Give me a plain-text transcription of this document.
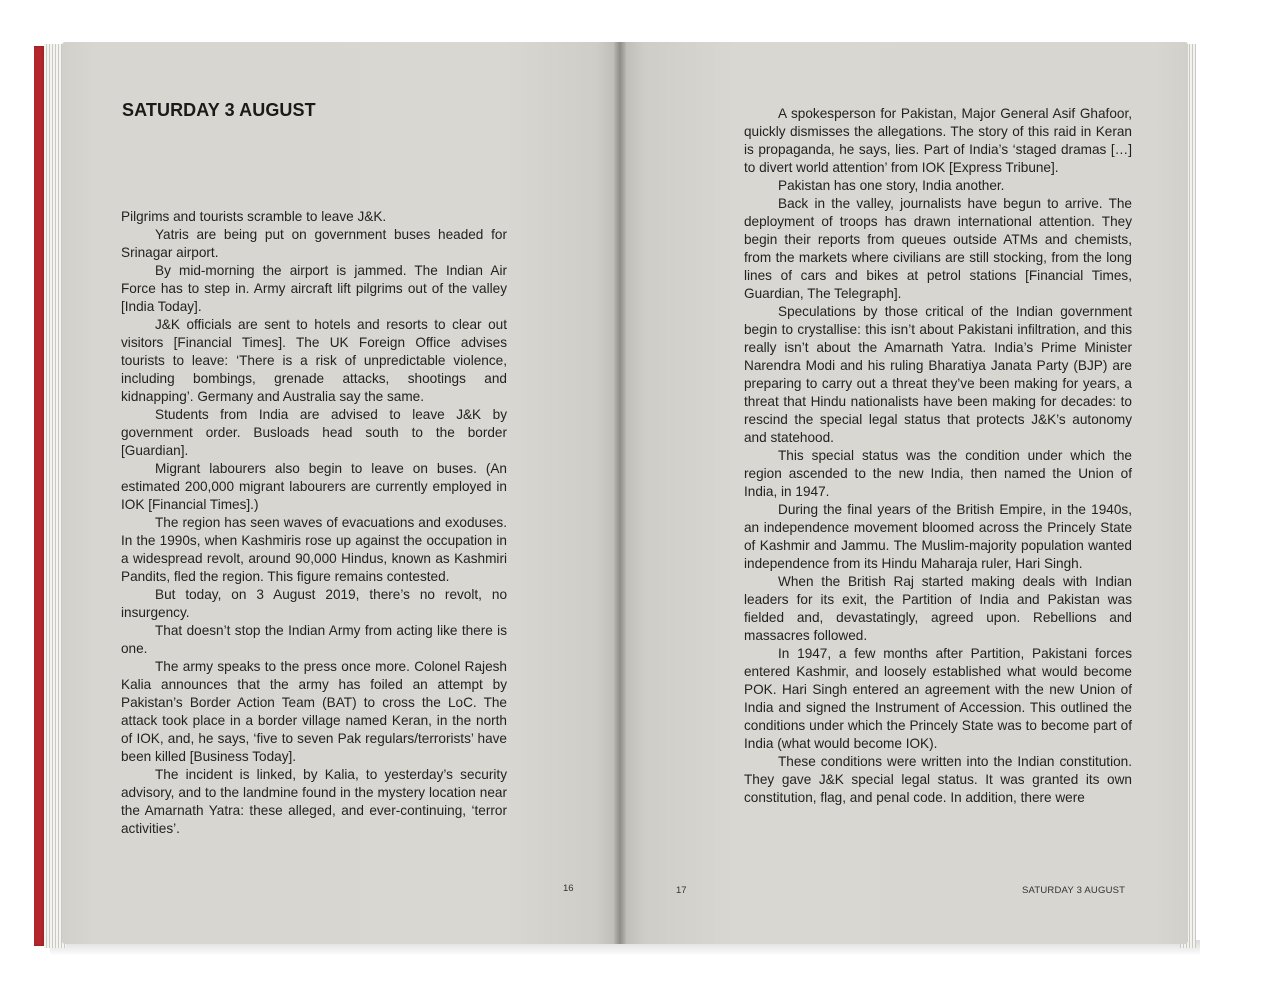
SATURDAY 3 AUGUST

Pilgrims and tourists scramble to leave J&K.

Yatris are being put on government buses headed for Srinagar airport.

By mid-morning the airport is jammed. The Indian Air Force has to step in. Army aircraft lift pilgrims out of the valley [India Today].

J&K officials are sent to hotels and resorts to clear out visitors [Financial Times]. The UK Foreign Office advises tourists to leave: ‘There is a risk of unpredictable violence, including bombings, grenade attacks, shootings and kidnapping’. Germany and Australia say the same.

Students from India are advised to leave J&K by government order. Busloads head south to the border [Guardian].

Migrant labourers also begin to leave on buses. (An estimated 200,000 migrant labourers are currently employed in IOK [Financial Times].)

The region has seen waves of evacuations and exoduses. In the 1990s, when Kashmiris rose up against the occupation in a widespread revolt, around 90,000 Hindus, known as Kashmiri Pandits, fled the region. This figure remains contested.

But today, on 3 August 2019, there’s no revolt, no insurgency.

That doesn’t stop the Indian Army from acting like there is one.

The army speaks to the press once more. Colonel Rajesh Kalia announces that the army has foiled an attempt by Pakistan’s Border Action Team (BAT) to cross the LoC. The attack took place in a border village named Keran, in the north of IOK, and, he says, ‘five to seven Pak regulars/terrorists’ have been killed [Business Today].

The incident is linked, by Kalia, to yesterday’s security advisory, and to the landmine found in the mystery location near the Amarnath Yatra: these alleged, and ever-continuing, ‘terror activities’.

A spokesperson for Pakistan, Major General Asif Ghafoor, quickly dismisses the allegations. The story of this raid in Keran is propaganda, he says, lies. Part of India’s ‘staged dramas […] to divert world attention’ from IOK [Express Tribune].

Pakistan has one story, India another.

Back in the valley, journalists have begun to arrive. The deployment of troops has drawn international attention. They begin their reports from queues outside ATMs and chemists, from the markets where civilians are still stocking, from the long lines of cars and bikes at petrol stations [Financial Times, Guardian, The Telegraph].

Speculations by those critical of the Indian government begin to crystallise: this isn’t about Pakistani infiltration, and this really isn’t about the Amarnath Yatra. India’s Prime Minister Narendra Modi and his ruling Bharatiya Janata Party (BJP) are preparing to carry out a threat they’ve been making for years, a threat that Hindu nationalists have been making for decades: to rescind the special legal status that protects J&K’s autonomy and statehood.

This special status was the condition under which the region ascended to the new India, then named the Union of India, in 1947.

During the final years of the British Empire, in the 1940s, an independence movement bloomed across the Princely State of Kashmir and Jammu. The Muslim-majority population wanted independence from its Hindu Maharaja ruler, Hari Singh.

When the British Raj started making deals with Indian leaders for its exit, the Partition of India and Pakistan was fielded and, devastatingly, agreed upon. Rebellions and massacres followed.

In 1947, a few months after Partition, Pakistani forces entered Kashmir, and loosely established what would become POK. Hari Singh entered an agreement with the new Union of India and signed the Instrument of Accession. This outlined the conditions under which the Princely State was to become part of India (what would become IOK).

These conditions were written into the Indian constitution. They gave J&K special legal status. It was granted its own constitution, flag, and penal code. In addition, there were

16	17	SATURDAY 3 AUGUST
